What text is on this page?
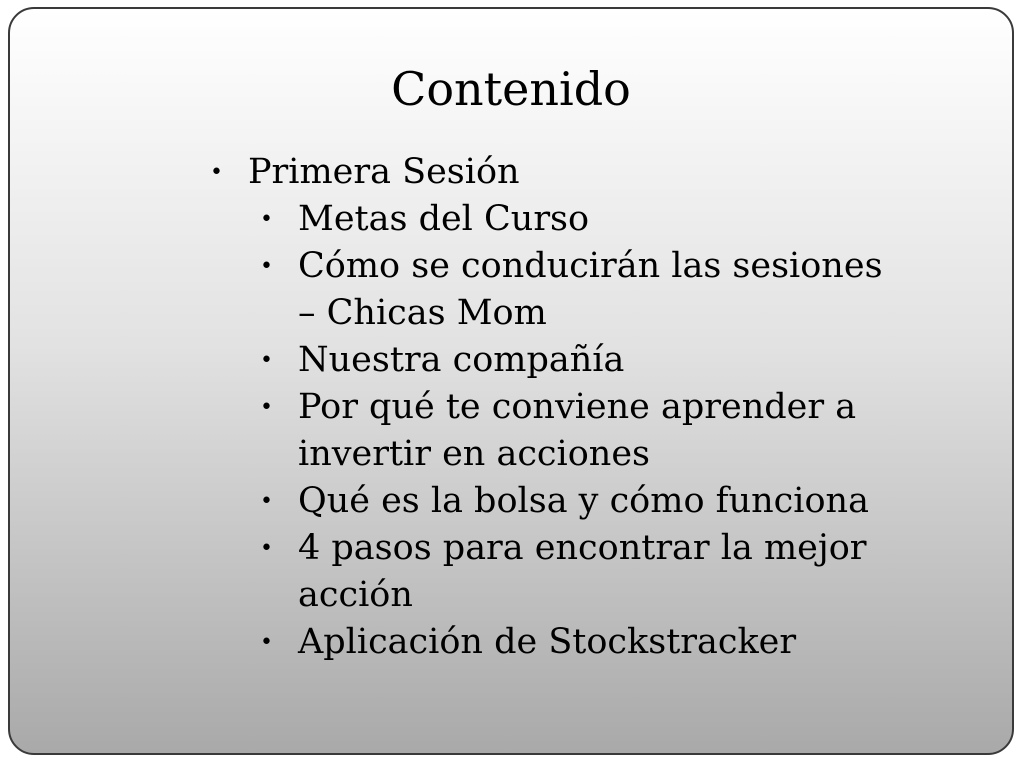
Contenido
• Primera Sesión
• Metas del Curso
• Cómo se conducirán las sesiones – Chicas Mom
• Nuestra compañía
• Por qué te conviene aprender a invertir en acciones
• Qué es la bolsa y cómo funciona
• 4 pasos para encontrar la mejor acción
• Aplicación de Stockstracker
